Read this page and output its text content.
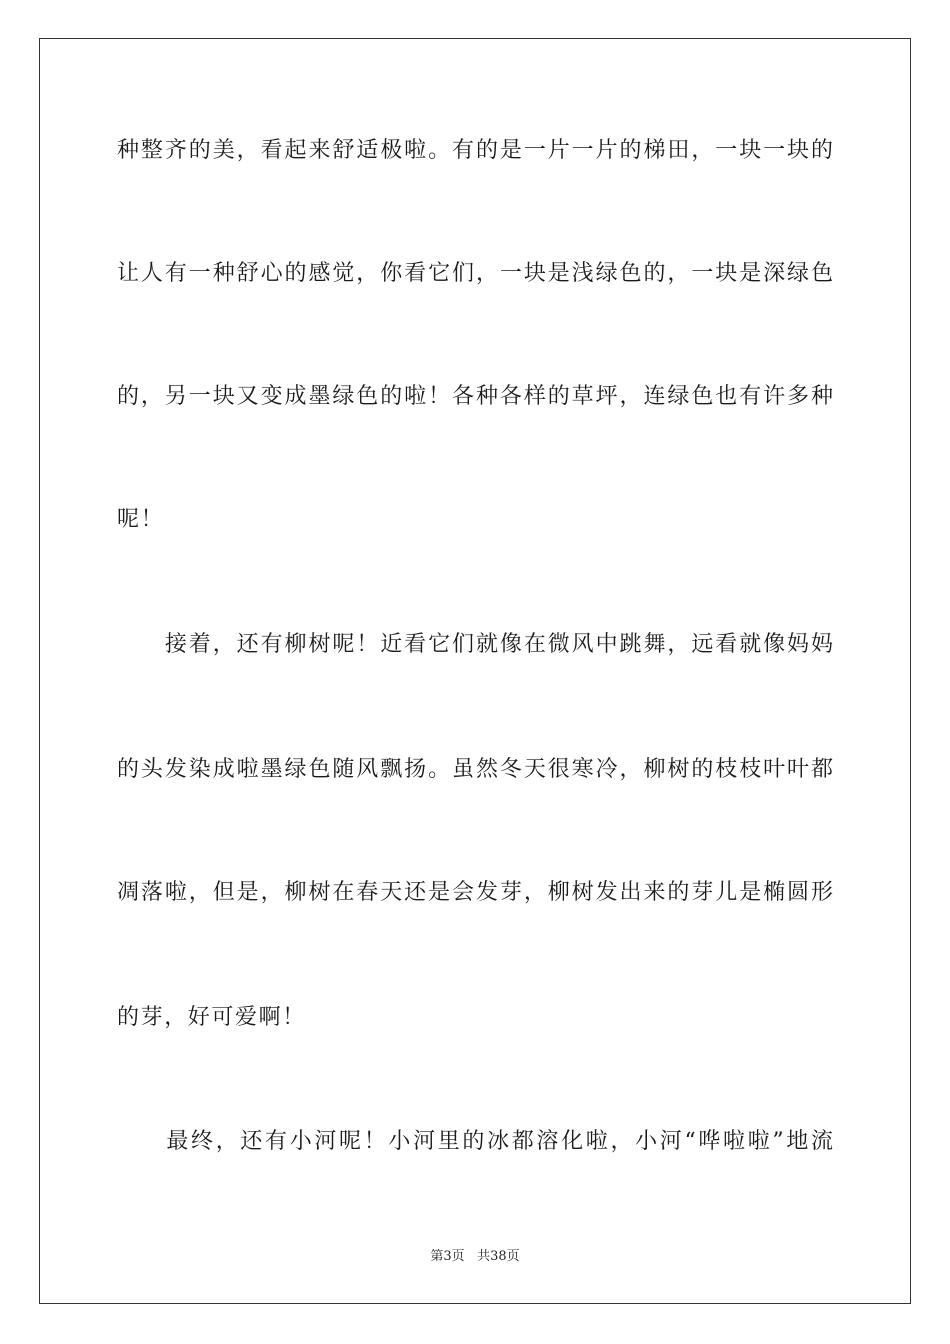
种整齐的美，看起来舒适极啦。有的是一片一片的梯田，一块一块的
让人有一种舒心的感觉，你看它们，一块是浅绿色的，一块是深绿色
的，另一块又变成墨绿色的啦！各种各样的草坪，连绿色也有许多种
呢！
　　接着，还有柳树呢！近看它们就像在微风中跳舞，远看就像妈妈
的头发染成啦墨绿色随风飘扬。虽然冬天很寒冷，柳树的枝枝叶叶都
凋落啦，但是，柳树在春天还是会发芽，柳树发出来的芽儿是椭圆形
的芽，好可爱啊！
　　最终，还有小河呢！小河里的冰都溶化啦，小河“哗啦啦”地流
第3页 共38页
